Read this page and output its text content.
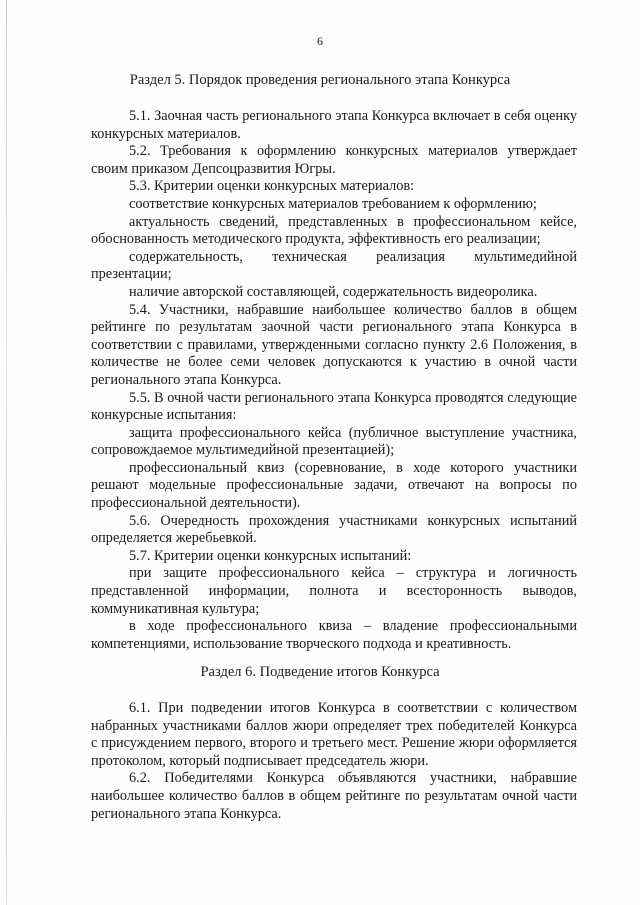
6
Раздел 5. Порядок проведения регионального этапа Конкурса

5.1. Заочная часть регионального этапа Конкурса включает в себя оценку конкурсных материалов.

5.2. Требования к оформлению конкурсных материалов утверждает своим приказом Депсоцразвития Югры.

5.3. Критерии оценки конкурсных материалов:

соответствие конкурсных материалов требованием к оформлению;

актуальность сведений, представленных в профессиональном кейсе, обоснованность методического продукта, эффективность его реализации;

содержательность, техническая реализация мультимедийной презентации;

наличие авторской составляющей, содержательность видеоролика.

5.4. Участники, набравшие наибольшее количество баллов в общем рейтинге по результатам заочной части регионального этапа Конкурса в соответствии с правилами, утвержденными согласно пункту 2.6 Положения, в количестве не более семи человек допускаются к участию в очной части регионального этапа Конкурса.

5.5. В очной части регионального этапа Конкурса проводятся следующие конкурсные испытания:

защита профессионального кейса (публичное выступление участника, сопровождаемое мультимедийной презентацией);

профессиональный квиз (соревнование, в ходе которого участники решают модельные профессиональные задачи, отвечают на вопросы по профессиональной деятельности).

5.6. Очередность прохождения участниками конкурсных испытаний определяется жеребьевкой.

5.7. Критерии оценки конкурсных испытаний:

при защите профессионального кейса – структура и логичность представленной информации, полнота и всесторонность выводов, коммуникативная культура;

в ходе профессионального квиза – владение профессиональными компетенциями, использование творческого подхода и креативность.

Раздел 6. Подведение итогов Конкурса

6.1. При подведении итогов Конкурса в соответствии с количеством набранных участниками баллов жюри определяет трех победителей Конкурса с присуждением первого, второго и третьего мест. Решение жюри оформляется протоколом, который подписывает председатель жюри.

6.2. Победителями Конкурса объявляются участники, набравшие наибольшее количество баллов в общем рейтинге по результатам очной части регионального этапа Конкурса.
